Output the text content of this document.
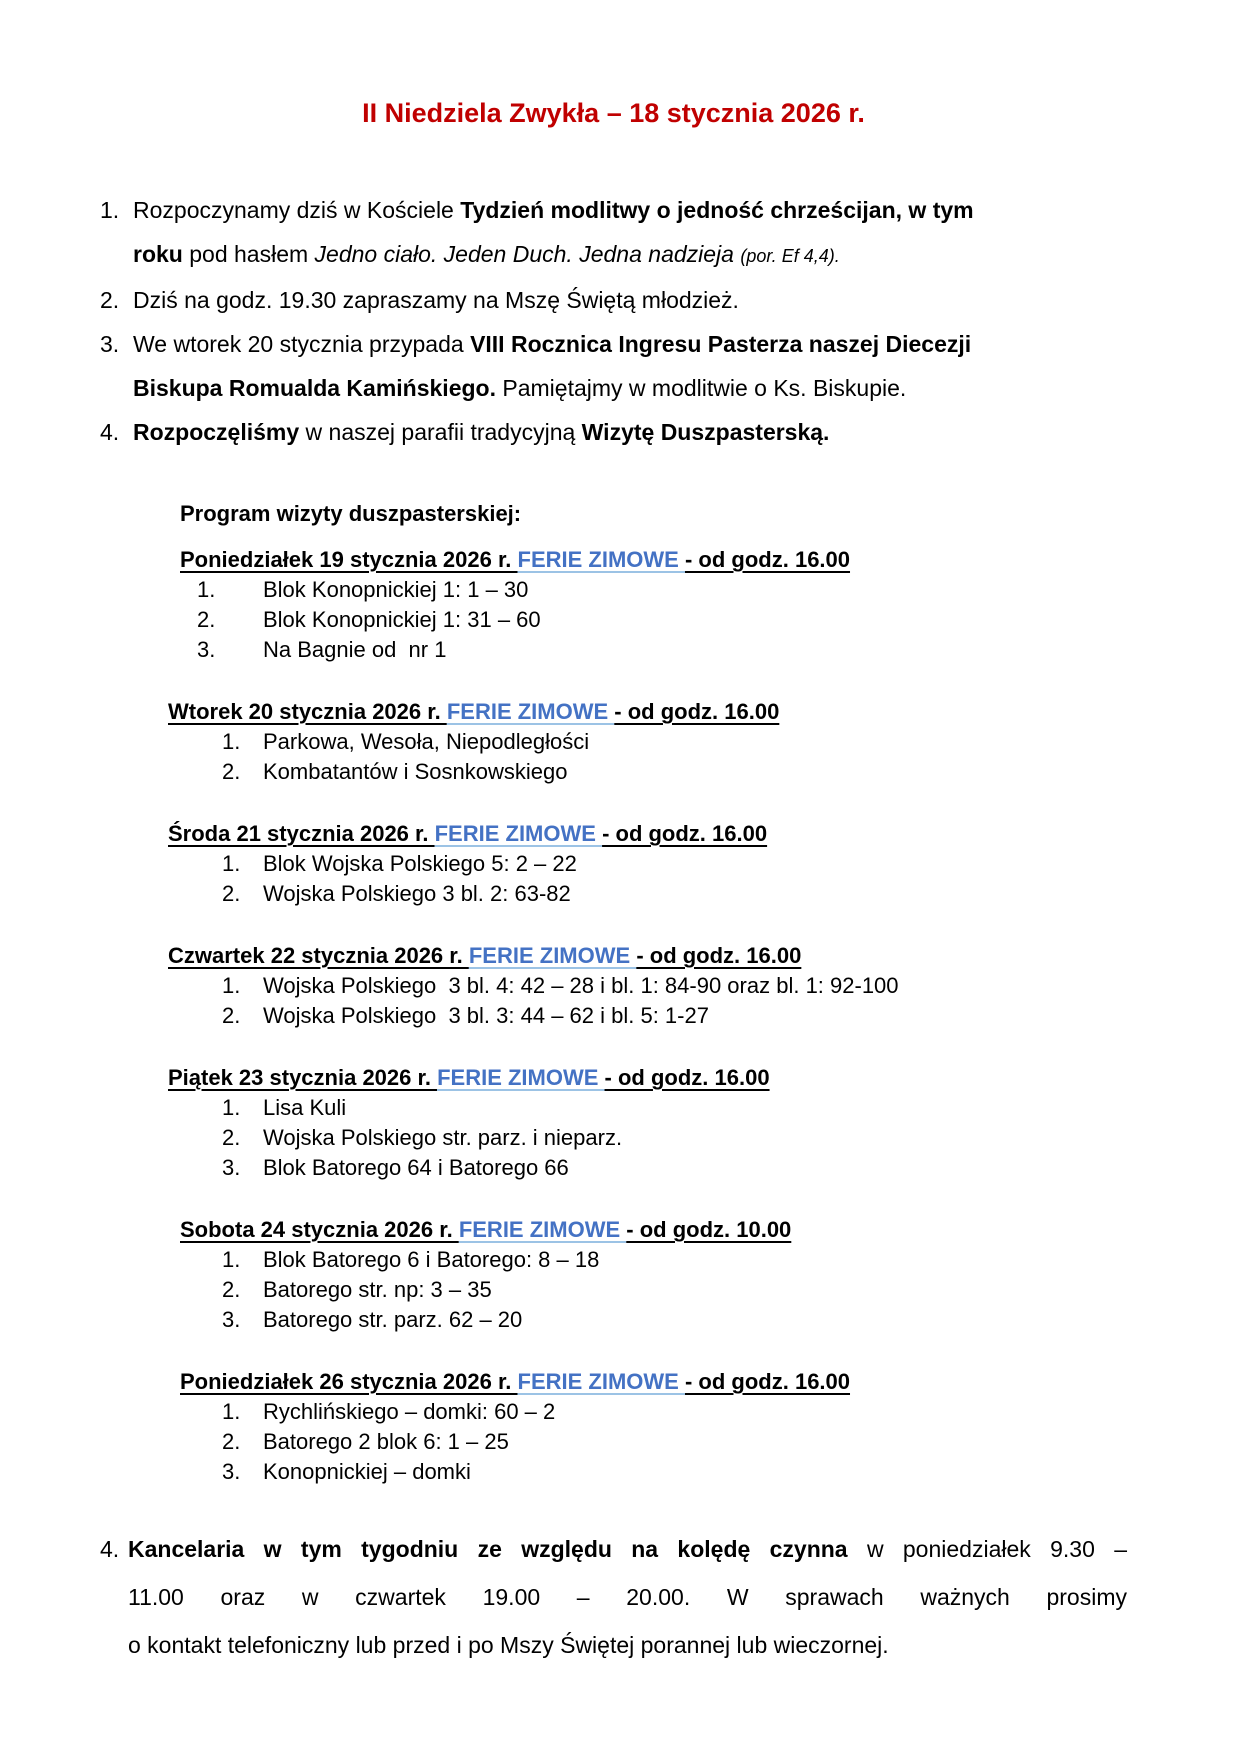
II Niedziela Zwykła – 18 stycznia 2026 r.
1. Rozpoczynamy dziś w Kościele Tydzień modlitwy o jedność chrześcijan, w tym
roku pod hasłem Jedno ciało. Jeden Duch. Jedna nadzieja (por. Ef 4,4).
2. Dziś na godz. 19.30 zapraszamy na Mszę Świętą młodzież.
3. We wtorek 20 stycznia przypada VIII Rocznica Ingresu Pasterza naszej Diecezji
Biskupa Romualda Kamińskiego. Pamiętajmy w modlitwie o Ks. Biskupie.
4. Rozpoczęliśmy w naszej parafii tradycyjną Wizytę Duszpasterską.
Program wizyty duszpasterskiej:
Poniedziałek 19 stycznia 2026 r. FERIE ZIMOWE - od godz. 16.00
1.	Blok Konopnickiej 1: 1 – 30
2.	Blok Konopnickiej 1: 31 – 60
3.	Na Bagnie od  nr 1
Wtorek 20 stycznia 2026 r. FERIE ZIMOWE - od godz. 16.00
1.	Parkowa, Wesoła, Niepodległości
2.	Kombatantów i Sosnkowskiego
Środa 21 stycznia 2026 r. FERIE ZIMOWE - od godz. 16.00
1.	Blok Wojska Polskiego 5: 2 – 22
2.	Wojska Polskiego 3 bl. 2: 63-82
Czwartek 22 stycznia 2026 r. FERIE ZIMOWE - od godz. 16.00
1.	Wojska Polskiego  3 bl. 4: 42 – 28 i bl. 1: 84-90 oraz bl. 1: 92-100
2.	Wojska Polskiego  3 bl. 3: 44 – 62 i bl. 5: 1-27
Piątek 23 stycznia 2026 r. FERIE ZIMOWE - od godz. 16.00
1.	Lisa Kuli
2.	Wojska Polskiego str. parz. i nieparz.
3.	Blok Batorego 64 i Batorego 66
Sobota 24 stycznia 2026 r. FERIE ZIMOWE - od godz. 10.00
1.	Blok Batorego 6 i Batorego: 8 – 18
2.	Batorego str. np: 3 – 35
3.	Batorego str. parz. 62 – 20
Poniedziałek 26 stycznia 2026 r. FERIE ZIMOWE - od godz. 16.00
1.	Rychlińskiego – domki: 60 – 2
2.	Batorego 2 blok 6: 1 – 25
3.	Konopnickiej – domki
4. Kancelaria w tym tygodniu ze względu na kolędę czynna w poniedziałek 9.30 –
11.00 oraz w czwartek 19.00 – 20.00. W sprawach ważnych prosimy
o kontakt telefoniczny lub przed i po Mszy Świętej porannej lub wieczornej.
